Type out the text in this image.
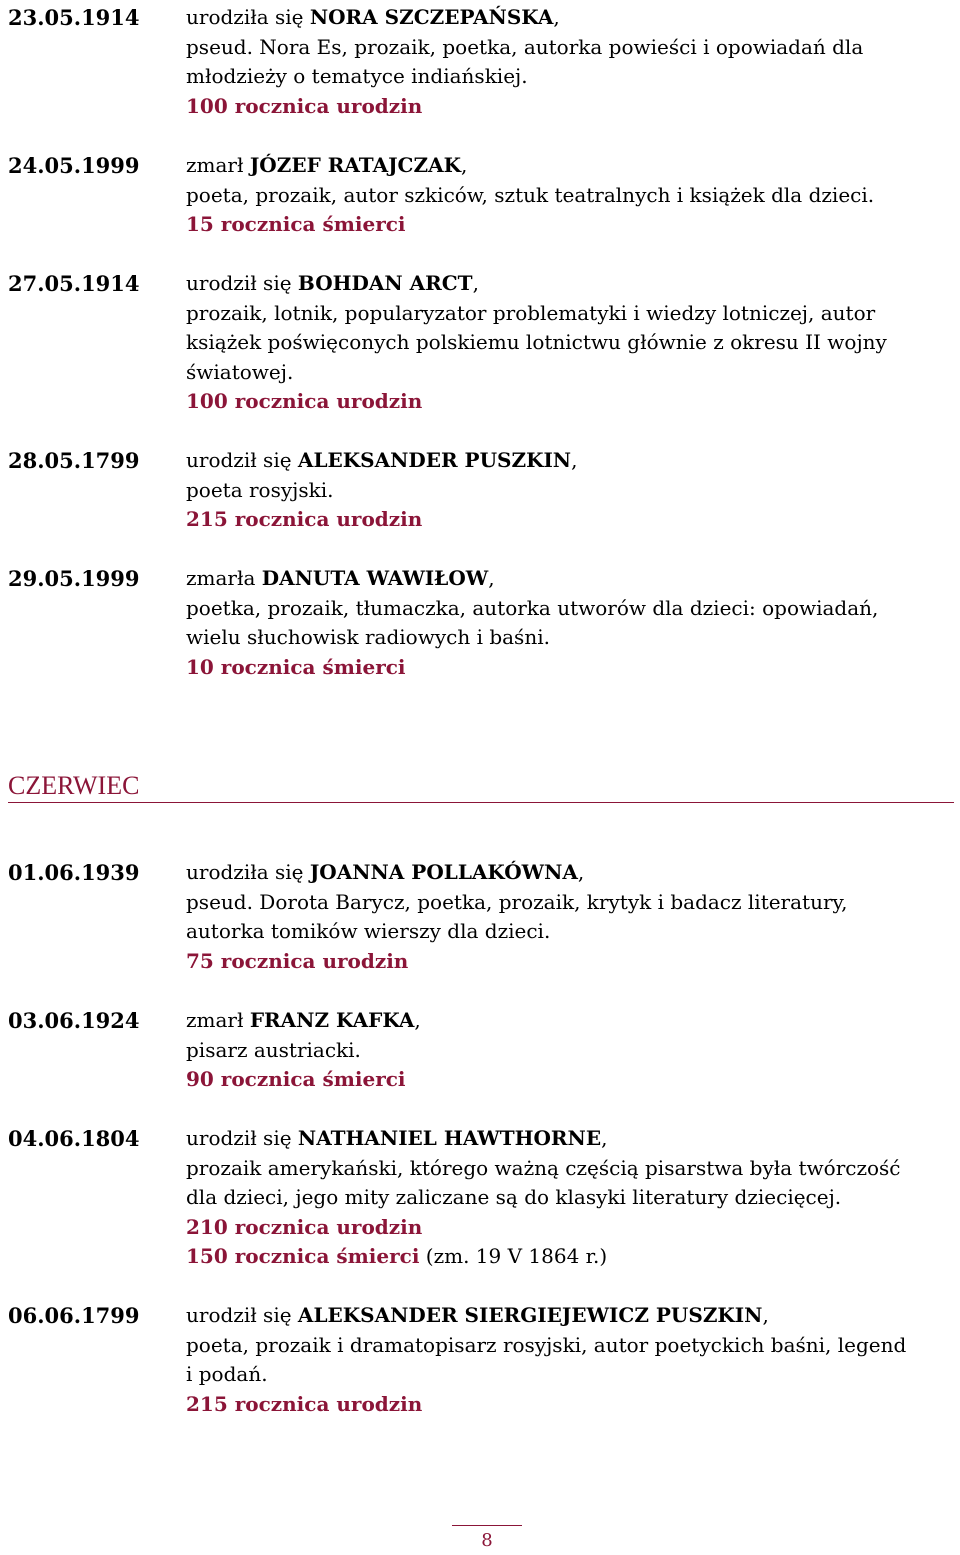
23.05.1914 urodziła się NORA SZCZEPAŃSKA,
pseud. Nora Es, prozaik, poetka, autorka powieści i opowiadań dla
młodzieży o tematyce indiańskiej.
100 rocznica urodzin
24.05.1999 zmarł JÓZEF RATAJCZAK,
poeta, prozaik, autor szkiców, sztuk teatralnych i książek dla dzieci.
15 rocznica śmierci
27.05.1914 urodził się BOHDAN ARCT,
prozaik, lotnik, popularyzator problematyki i wiedzy lotniczej, autor
książek poświęconych polskiemu lotnictwu głównie z okresu II wojny
światowej.
100 rocznica urodzin
28.05.1799 urodził się ALEKSANDER PUSZKIN,
poeta rosyjski.
215 rocznica urodzin
29.05.1999 zmarła DANUTA WAWIŁOW,
poetka, prozaik, tłumaczka, autorka utworów dla dzieci: opowiadań,
wielu słuchowisk radiowych i baśni.
10 rocznica śmierci
CZERWIEC
01.06.1939 urodziła się JOANNA POLLAKÓWNA,
pseud. Dorota Barycz, poetka, prozaik, krytyk i badacz literatury,
autorka tomików wierszy dla dzieci.
75 rocznica urodzin
03.06.1924 zmarł FRANZ KAFKA,
pisarz austriacki.
90 rocznica śmierci
04.06.1804 urodził się NATHANIEL HAWTHORNE,
prozaik amerykański, którego ważną częścią pisarstwa była twórczość
dla dzieci, jego mity zaliczane są do klasyki literatury dziecięcej.
210 rocznica urodzin
150 rocznica śmierci (zm. 19 V 1864 r.)
06.06.1799 urodził się ALEKSANDER SIERGIEJEWICZ PUSZKIN,
poeta, prozaik i dramatopisarz rosyjski, autor poetyckich baśni, legend
i podań.
215 rocznica urodzin
8
